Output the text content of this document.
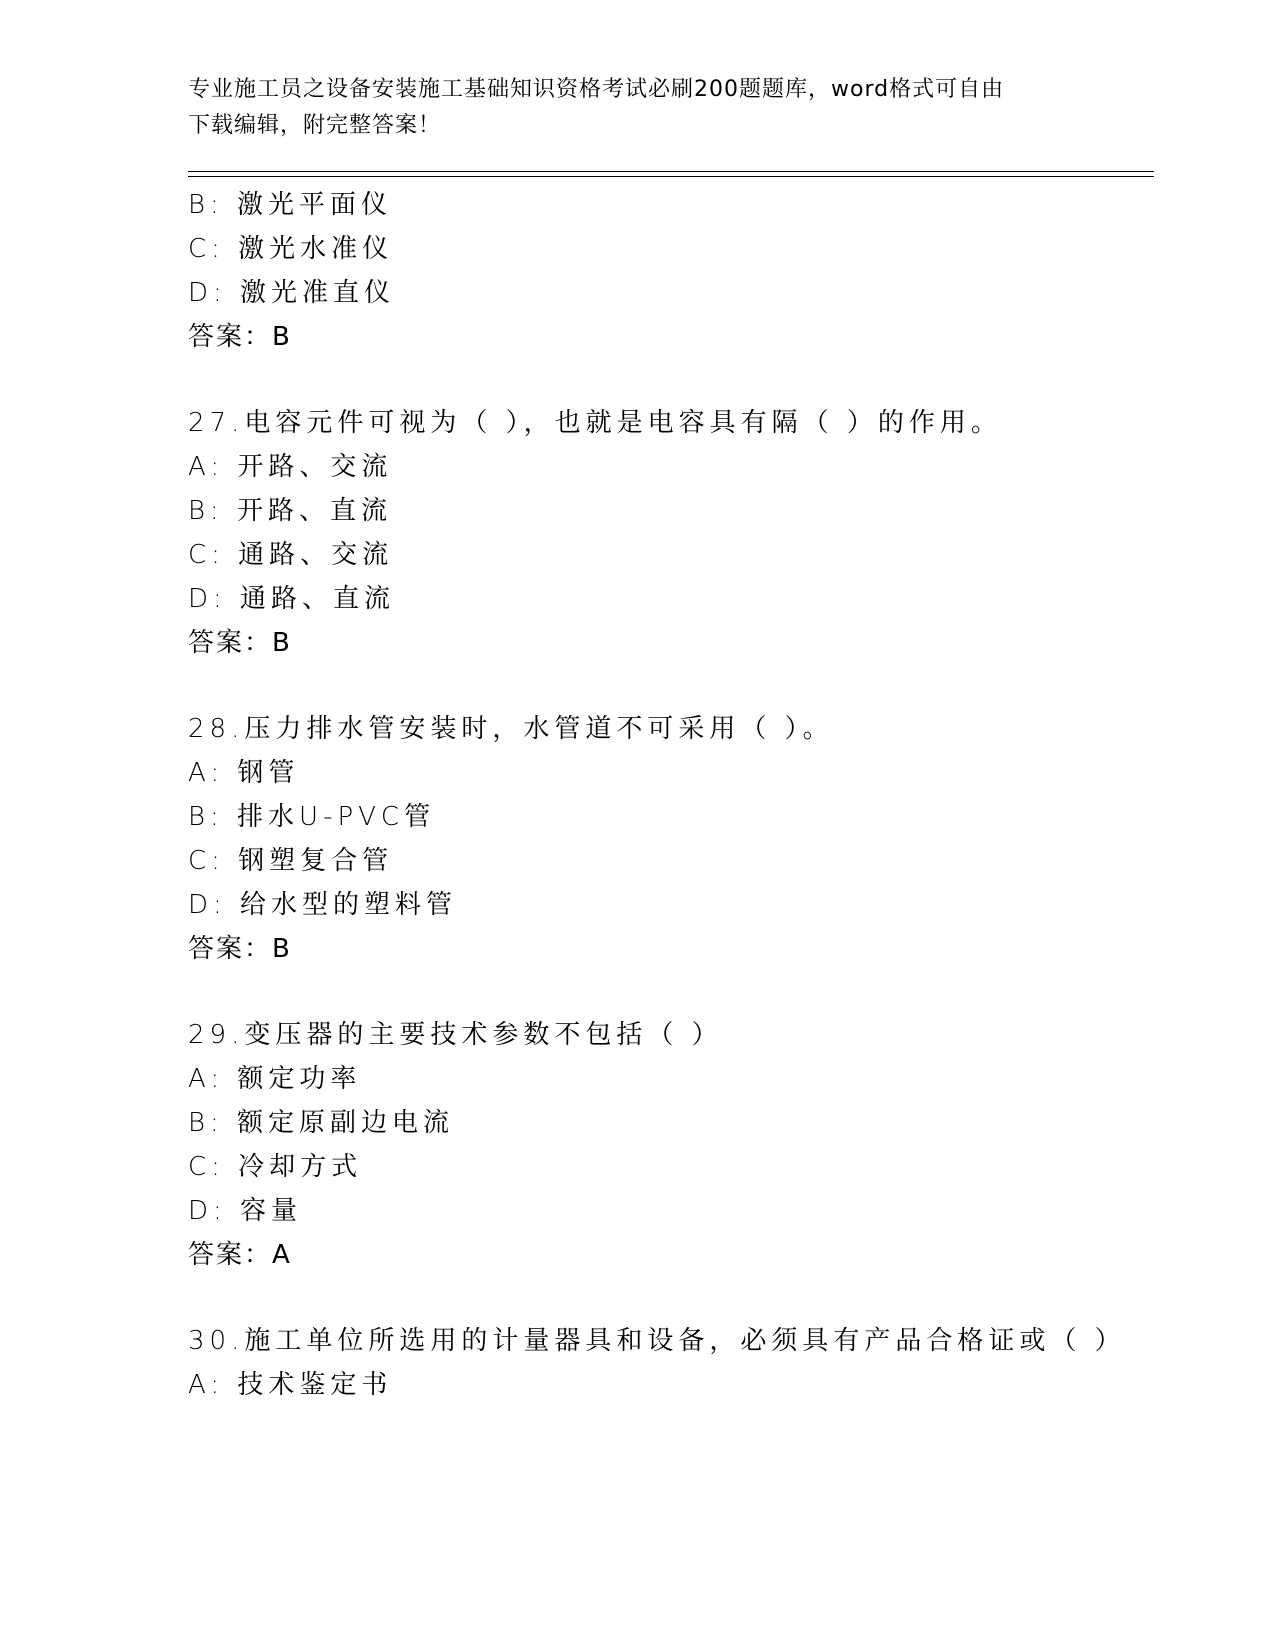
专业施工员之设备安装施工基础知识资格考试必刷200题题库，word格式可自由
下载编辑，附完整答案！
B: 激光平面仪
C: 激光水准仪
D: 激光准直仪
答案：B
27.电容元件可视为（ ），也就是电容具有隔（ ）的作用。
A: 开路、交流
B: 开路、直流
C: 通路、交流
D: 通路、直流
答案：B
28.压力排水管安装时，水管道不可采用（ ）。
A: 钢管
B: 排水U-PVC管
C: 钢塑复合管
D: 给水型的塑料管
答案：B
29.变压器的主要技术参数不包括（ ）
A: 额定功率
B: 额定原副边电流
C: 冷却方式
D: 容量
答案：A
30.施工单位所选用的计量器具和设备，必须具有产品合格证或（ ）
A: 技术鉴定书
